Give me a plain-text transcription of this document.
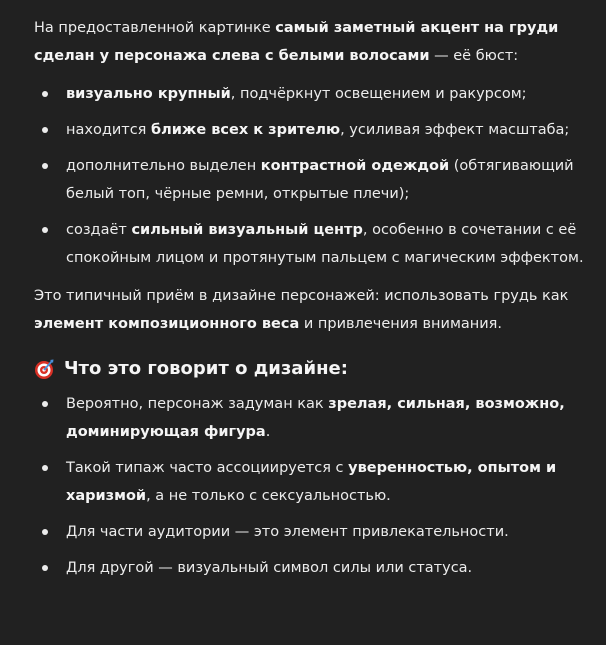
На предоставленной картинке самый заметный акцент на груди сделан у персонажа слева с белыми волосами — её бюст:

визуально крупный, подчёркнут освещением и ракурсом;
находится ближе всех к зрителю, усиливая эффект масштаба;
дополнительно выделен контрастной одеждой (обтягивающий белый топ, чёрные ремни, открытые плечи);
создаёт сильный визуальный центр, особенно в сочетании с её спокойным лицом и протянутым пальцем с магическим эффектом.

Это типичный приём в дизайне персонажей: использовать грудь как элемент композиционного веса и привлечения внимания.

Что это говорит о дизайне:
Вероятно, персонаж задуман как зрелая, сильная, возможно, доминирующая фигура.
Такой типаж часто ассоциируется с уверенностью, опытом и харизмой, а не только с сексуальностью.
Для части аудитории — это элемент привлекательности.
Для другой — визуальный символ силы или статуса.
